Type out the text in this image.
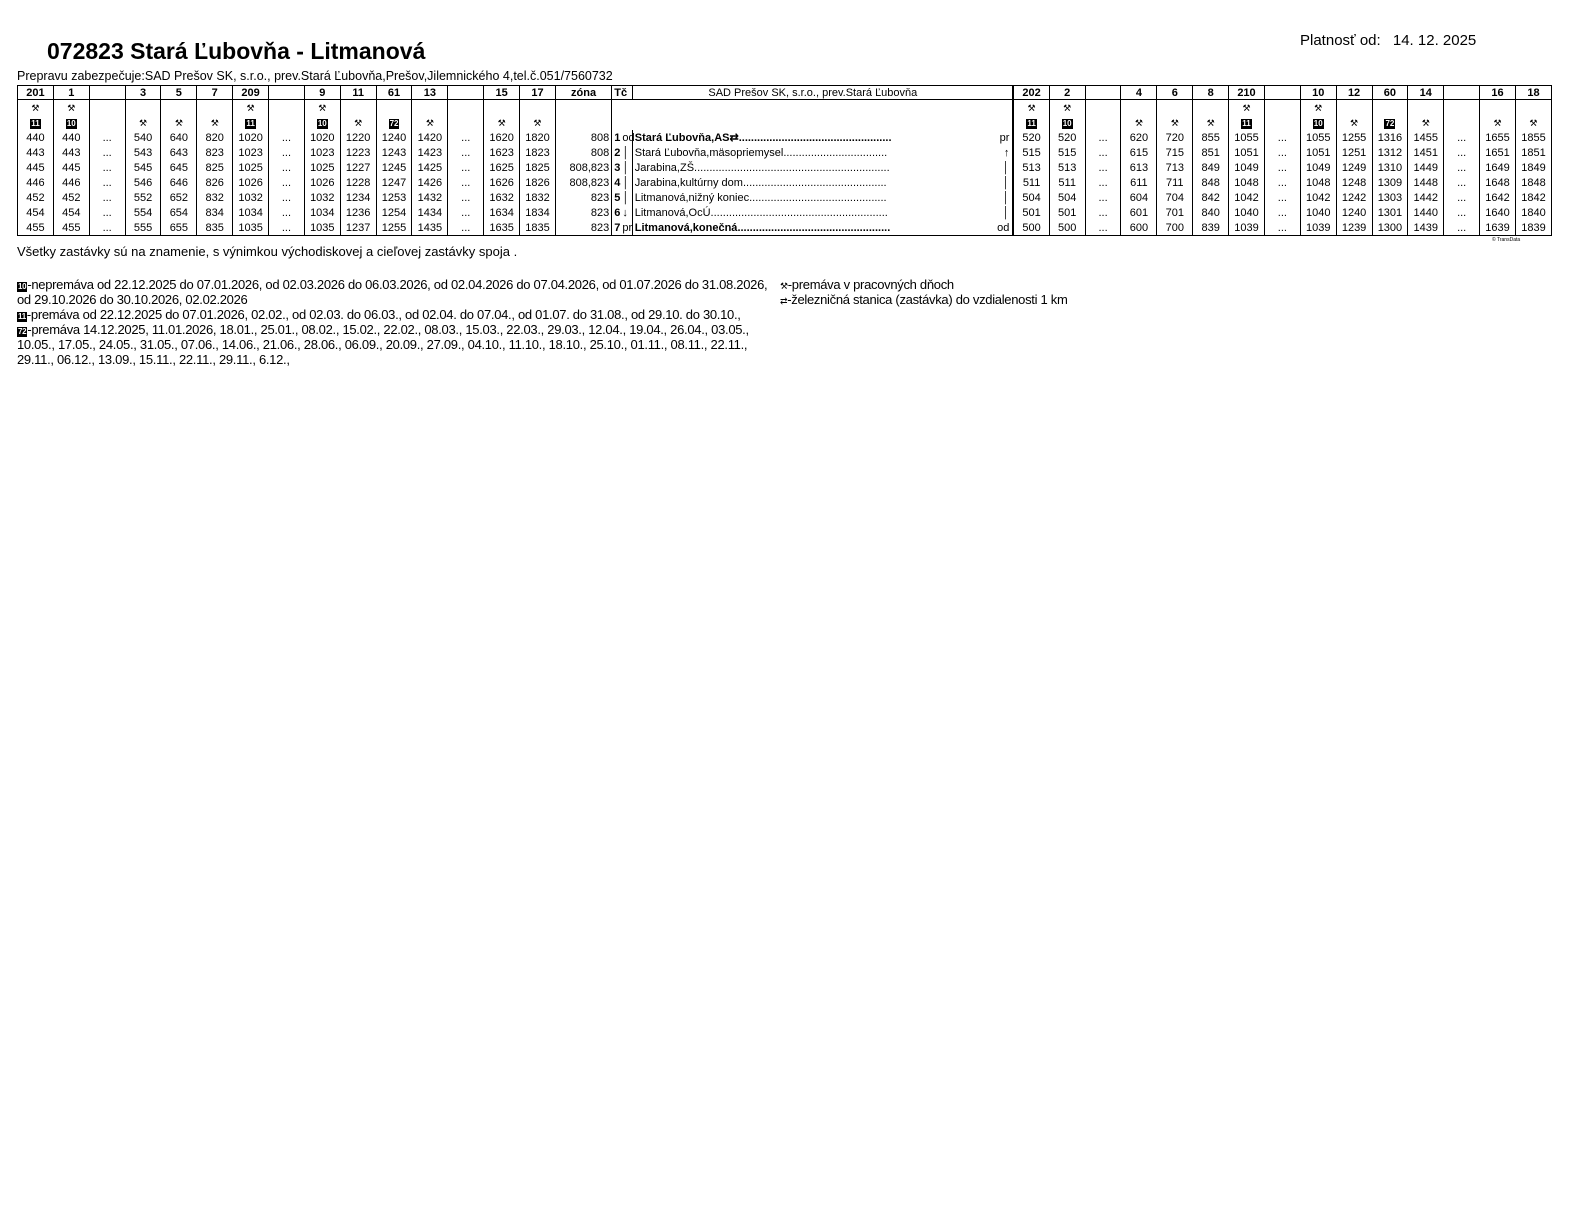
072823 Stará Ľubovňa - Litmanová	Platnosť od: 14. 12. 2025
Prepravu zabezpečuje:SAD Prešov SK, s.r.o., prev.Stará Ľubovňa,Prešov,Jilemnického 4,tel.č.051/7560732
201	1		3	5	7	209		9	11	61	13		15	17	zóna	Tč	SAD Prešov SK, s.r.o., prev.Stará Ľubovňa		202	2		4	6	8	210		10	12	60	14		16	18
⚒	⚒					⚒		⚒											⚒	⚒					⚒		⚒						
11	10		⚒	⚒	⚒	11		10	⚒	72	⚒		⚒	⚒					11	10		⚒	⚒	⚒	11		10	⚒	72	⚒		⚒	⚒
440	440	...	540	640	820	1020	...	1020	1220	1240	1420	...	1620	1820	808	1 od	Stará Ľubovňa,AS⇄..................................................	pr	520	520	...	620	720	855	1055	...	1055	1255	1316	1455	...	1655	1855
443	443	...	543	643	823	1023	...	1023	1223	1243	1423	...	1623	1823	808	2 │	Stará Ľubovňa,mäsopriemysel..................................	↑	515	515	...	615	715	851	1051	...	1051	1251	1312	1451	...	1651	1851
445	445	...	545	645	825	1025	...	1025	1227	1245	1425	...	1625	1825	808,823	3 │	Jarabina,ZŠ................................................................	│	513	513	...	613	713	849	1049	...	1049	1249	1310	1449	...	1649	1849
446	446	...	546	646	826	1026	...	1026	1228	1247	1426	...	1626	1826	808,823	4 │	Jarabina,kultúrny dom...............................................	│	511	511	...	611	711	848	1048	...	1048	1248	1309	1448	...	1648	1848
452	452	...	552	652	832	1032	...	1032	1234	1253	1432	...	1632	1832	823	5 │	Litmanová,nižný koniec.............................................	│	504	504	...	604	704	842	1042	...	1042	1242	1303	1442	...	1642	1842
454	454	...	554	654	834	1034	...	1034	1236	1254	1434	...	1634	1834	823	6 ↓	Litmanová,OcÚ..........................................................	│	501	501	...	601	701	840	1040	...	1040	1240	1301	1440	...	1640	1840
455	455	...	555	655	835	1035	...	1035	1237	1255	1435	...	1635	1835	823	7 pr	Litmanová,konečná..................................................	od	500	500	...	600	700	839	1039	...	1039	1239	1300	1439	...	1639	1839
© TransData
Všetky zastávky sú na znamenie, s výnimkou východiskovej a cieľovej zastávky spoja .

10-nepremáva od 22.12.2025 do 07.01.2026, od 02.03.2026 do 06.03.2026, od 02.04.2026 do 07.04.2026, od 01.07.2026 do 31.08.2026, od 29.10.2026 do 30.10.2026, 02.02.2026

11-premáva od 22.12.2025 do 07.01.2026, 02.02., od 02.03. do 06.03., od 02.04. do 07.04., od 01.07. do 31.08., od 29.10. do 30.10.,

72-premáva 14.12.2025, 11.01.2026, 18.01., 25.01., 08.02., 15.02., 22.02., 08.03., 15.03., 22.03., 29.03., 12.04., 19.04., 26.04., 03.05., 10.05., 17.05., 24.05., 31.05., 07.06., 14.06., 21.06., 28.06., 06.09., 20.09., 27.09., 04.10., 11.10., 18.10., 25.10., 01.11., 08.11., 22.11., 29.11., 06.12., 13.09., 15.11., 22.11., 29.11., 6.12.,

⚒-premáva v pracovných dňoch

⇄-železničná stanica (zastávka) do vzdialenosti 1 km
